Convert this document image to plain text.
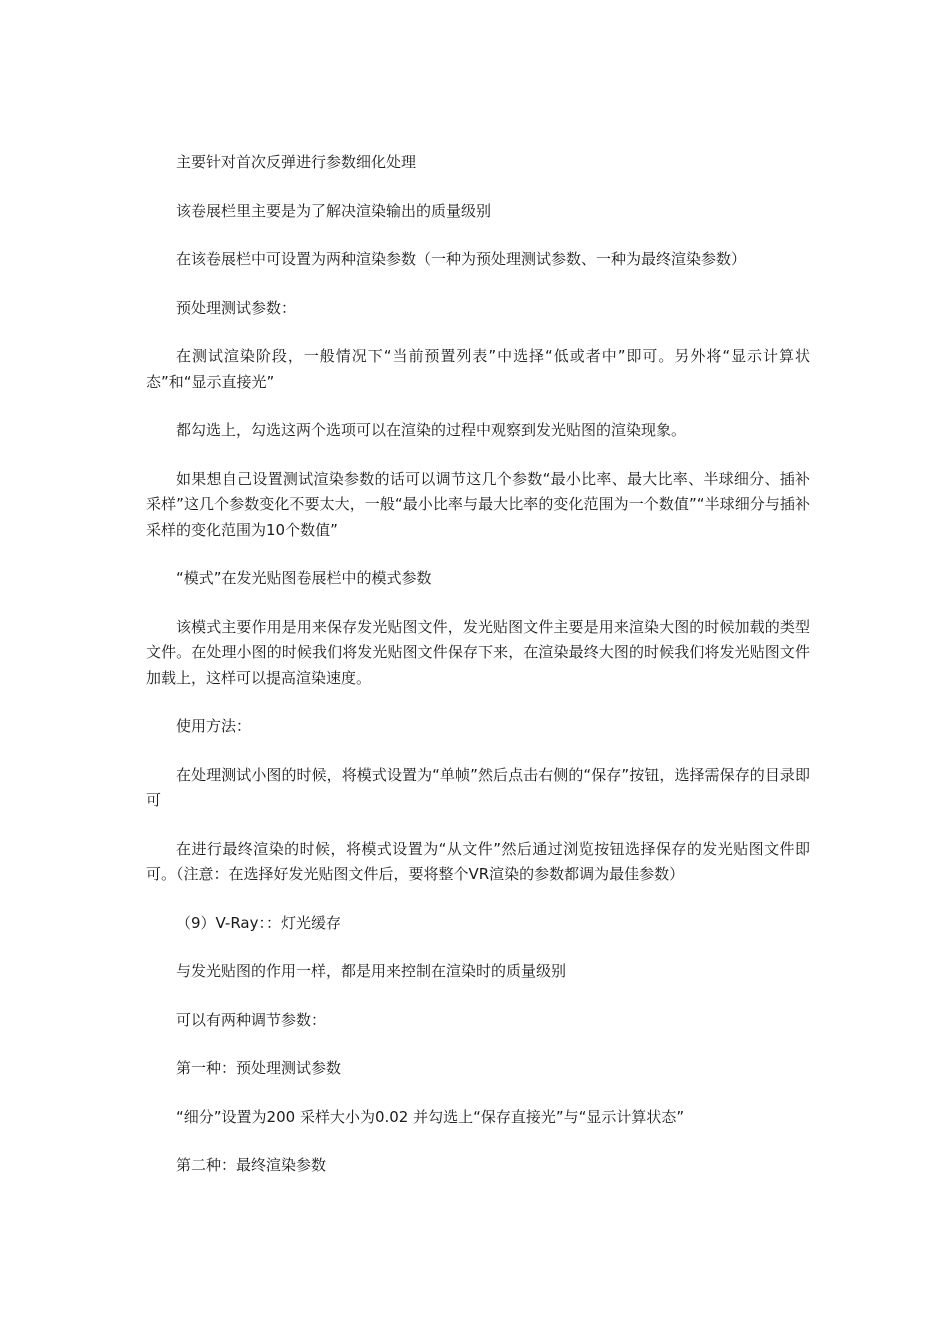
主要针对首次反弹进行参数细化处理

该卷展栏里主要是为了解决渲染输出的质量级别

在该卷展栏中可设置为两种渲染参数（一种为预处理测试参数、一种为最终渲染参数）

预处理测试参数：

在测试渲染阶段，一般情况下“当前预置列表”中选择“低或者中”即可。另外将“显示计算状态”和“显示直接光”

都勾选上，勾选这两个选项可以在渲染的过程中观察到发光贴图的渲染现象。

如果想自己设置测试渲染参数的话可以调节这几个参数“最小比率、最大比率、半球细分、插补采样”这几个参数变化不要太大，一般“最小比率与最大比率的变化范围为一个数值”“半球细分与插补采样的变化范围为10个数值”

“模式”在发光贴图卷展栏中的模式参数

该模式主要作用是用来保存发光贴图文件，发光贴图文件主要是用来渲染大图的时候加载的类型文件。在处理小图的时候我们将发光贴图文件保存下来，在渲染最终大图的时候我们将发光贴图文件加载上，这样可以提高渲染速度。

使用方法：

在处理测试小图的时候，将模式设置为“单帧”然后点击右侧的“保存”按钮，选择需保存的目录即可

在进行最终渲染的时候，将模式设置为“从文件”然后通过浏览按钮选择保存的发光贴图文件即可。（注意：在选择好发光贴图文件后，要将整个VR渲染的参数都调为最佳参数）

（9）V-Ray：：灯光缓存

与发光贴图的作用一样，都是用来控制在渲染时的质量级别

可以有两种调节参数：

第一种：预处理测试参数

“细分”设置为200 采样大小为0.02 并勾选上“保存直接光”与“显示计算状态”

第二种：最终渲染参数
